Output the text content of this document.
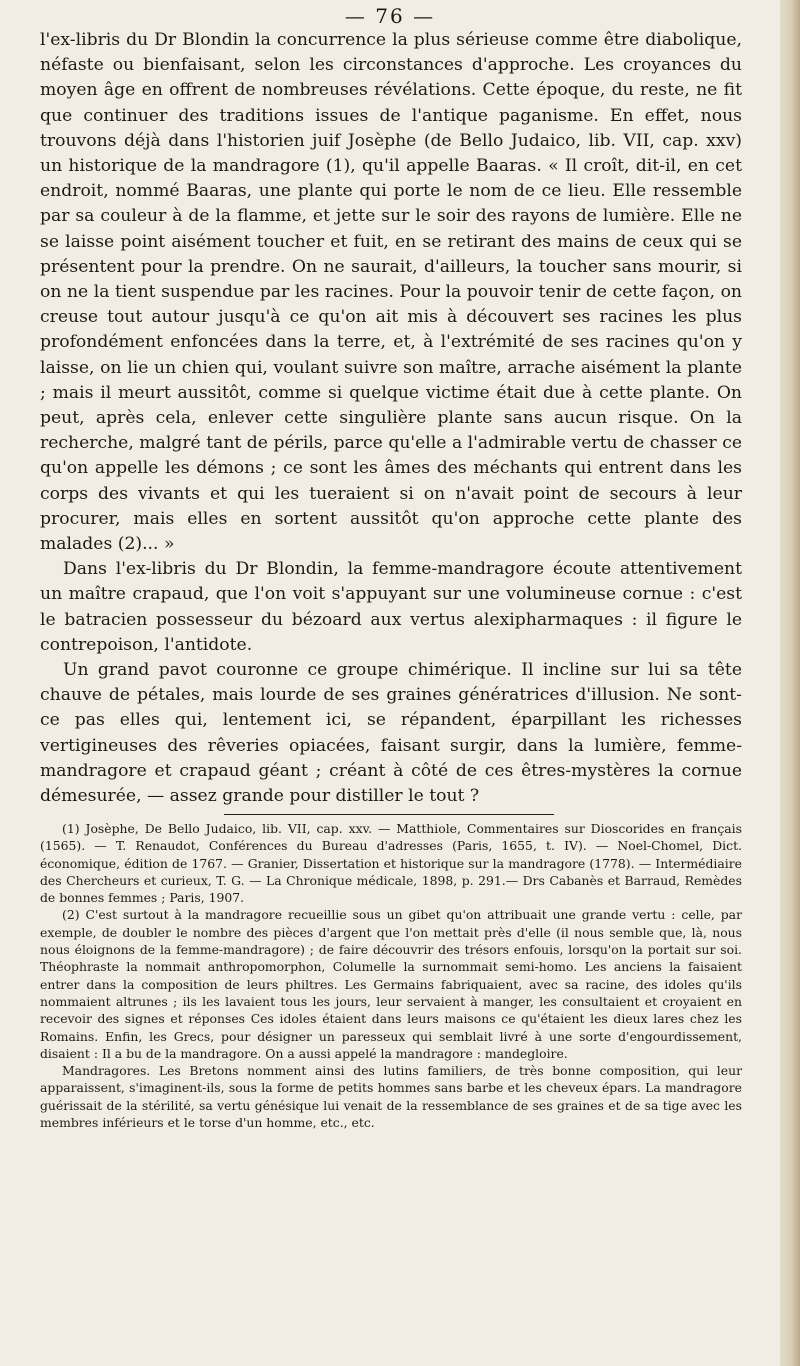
— 76 —

l'ex-libris du Dr Blondin la concurrence la plus sérieuse comme être diabolique, néfaste ou bienfaisant, selon les circonstances d'approche. Les croyances du moyen âge en offrent de nombreuses révélations. Cette époque, du reste, ne fit que continuer des traditions issues de l'antique paganisme. En effet, nous trouvons déjà dans l'historien juif Josèphe (de Bello Judaico, lib. VII, cap. xxv) un historique de la mandragore (1), qu'il appelle Baaras. « Il croît, dit-il, en cet endroit, nommé Baaras, une plante qui porte le nom de ce lieu. Elle ressemble par sa couleur à de la flamme, et jette sur le soir des rayons de lumière. Elle ne se laisse point aisément toucher et fuit, en se retirant des mains de ceux qui se présentent pour la prendre. On ne saurait, d'ailleurs, la toucher sans mourir, si on ne la tient suspendue par les racines. Pour la pouvoir tenir de cette façon, on creuse tout autour jusqu'à ce qu'on ait mis à découvert ses racines les plus profondément enfoncées dans la terre, et, à l'extrémité de ses racines qu'on y laisse, on lie un chien qui, voulant suivre son maître, arrache aisément la plante ; mais il meurt aussitôt, comme si quelque victime était due à cette plante. On peut, après cela, enlever cette singulière plante sans aucun risque. On la recherche, malgré tant de périls, parce qu'elle a l'admirable vertu de chasser ce qu'on appelle les démons ; ce sont les âmes des méchants qui entrent dans les corps des vivants et qui les tueraient si on n'avait point de secours à leur procurer, mais elles en sortent aussitôt qu'on approche cette plante des malades (2)... »

Dans l'ex-libris du Dr Blondin, la femme-mandragore écoute attentivement un maître crapaud, que l'on voit s'appuyant sur une volumineuse cornue : c'est le batracien possesseur du bézoard aux vertus alexipharmaques : il figure le contrepoison, l'antidote.

Un grand pavot couronne ce groupe chimérique. Il incline sur lui sa tête chauve de pétales, mais lourde de ses graines génératrices d'illusion. Ne sont-ce pas elles qui, lentement ici, se répandent, éparpillant les richesses vertigineuses des rêveries opiacées, faisant surgir, dans la lumière, femme-mandragore et crapaud géant ; créant à côté de ces êtres-mystères la cornue démesurée, — assez grande pour distiller le tout ?

(1) Josèphe, De Bello Judaico, lib. VII, cap. xxv. — Matthiole, Commentaires sur Dioscorides en français (1565). — T. Renaudot, Conférences du Bureau d'adresses (Paris, 1655, t. IV). — Noel-Chomel, Dict. économique, édition de 1767. — Granier, Dissertation et historique sur la mandragore (1778). — Intermédiaire des Chercheurs et curieux, T. G. — La Chronique médicale, 1898, p. 291.— Drs Cabanès et Barraud, Remèdes de bonnes femmes ; Paris, 1907.

(2) C'est surtout à la mandragore recueillie sous un gibet qu'on attribuait une grande vertu : celle, par exemple, de doubler le nombre des pièces d'argent que l'on mettait près d'elle (il nous semble que, là, nous nous éloignons de la femme-mandragore) ; de faire découvrir des trésors enfouis, lorsqu'on la portait sur soi. Théophraste la nommait anthropomorphon, Columelle la surnommait semi-homo. Les anciens la faisaient entrer dans la composition de leurs philtres. Les Germains fabriquaient, avec sa racine, des idoles qu'ils nommaient altrunes ; ils les lavaient tous les jours, leur servaient à manger, les consultaient et croyaient en recevoir des signes et réponses Ces idoles étaient dans leurs maisons ce qu'étaient les dieux lares chez les Romains. Enfin, les Grecs, pour désigner un paresseux qui semblait livré à une sorte d'engourdissement, disaient : Il a bu de la mandragore. On a aussi appelé la mandragore : mandegloire.

Mandragores. Les Bretons nomment ainsi des lutins familiers, de très bonne composition, qui leur apparaissent, s'imaginent-ils, sous la forme de petits hommes sans barbe et les cheveux épars. La mandragore guérissait de la stérilité, sa vertu génésique lui venait de la ressemblance de ses graines et de sa tige avec les membres inférieurs et le torse d'un homme, etc., etc.
